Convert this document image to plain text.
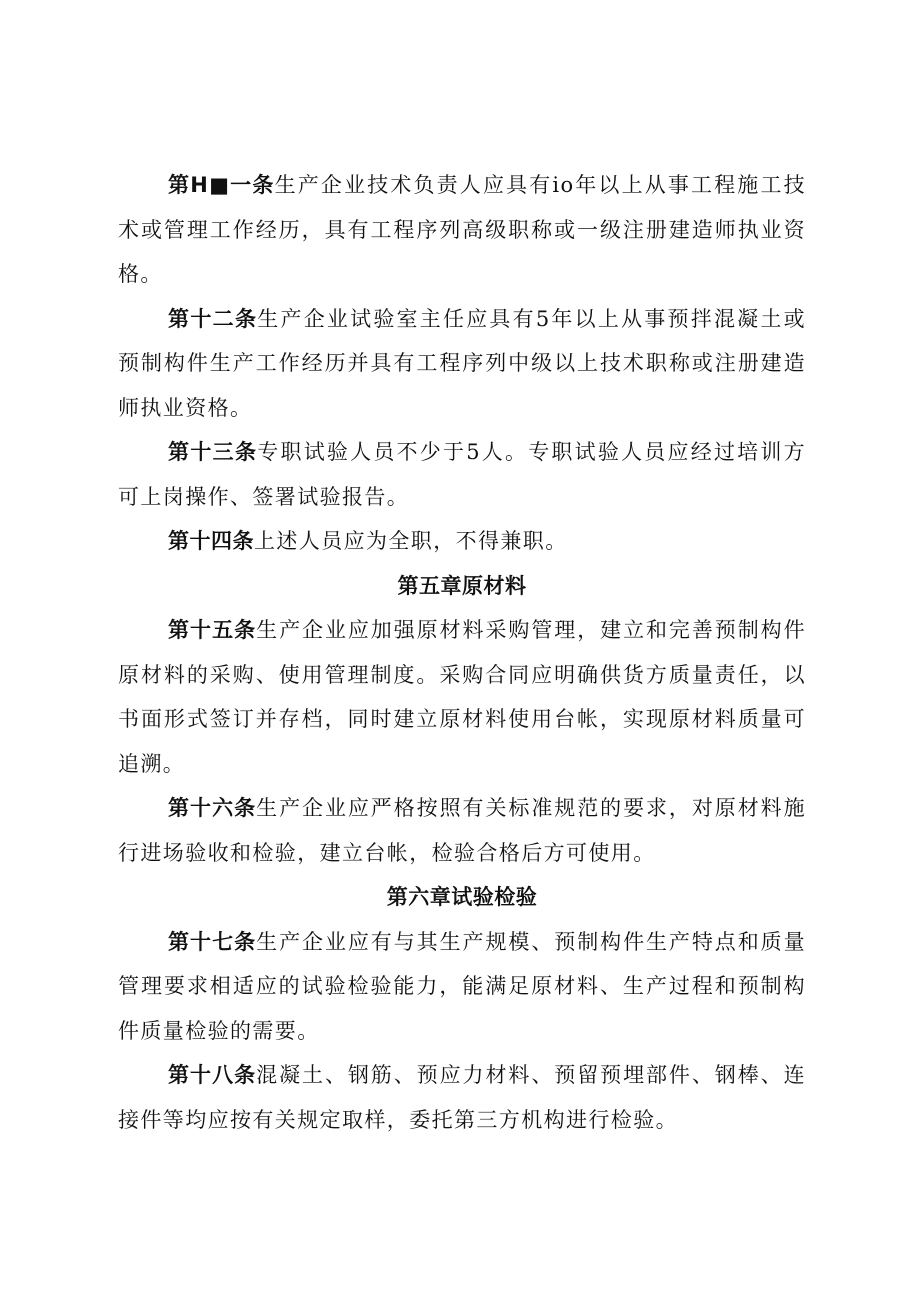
第H■一条生产企业技术负责人应具有io年以上从事工程施工技术或管理工作经历，具有工程序列高级职称或一级注册建造师执业资格。

第十二条生产企业试验室主任应具有5年以上从事预拌混凝土或预制构件生产工作经历并具有工程序列中级以上技术职称或注册建造师执业资格。

第十三条专职试验人员不少于5人。专职试验人员应经过培训方可上岗操作、签署试验报告。

第十四条上述人员应为全职，不得兼职。

第五章原材料

第十五条生产企业应加强原材料采购管理，建立和完善预制构件原材料的采购、使用管理制度。采购合同应明确供货方质量责任，以书面形式签订并存档，同时建立原材料使用台帐，实现原材料质量可追溯。

第十六条生产企业应严格按照有关标准规范的要求，对原材料施行进场验收和检验，建立台帐，检验合格后方可使用。

第六章试验检验

第十七条生产企业应有与其生产规模、预制构件生产特点和质量管理要求相适应的试验检验能力，能满足原材料、生产过程和预制构件质量检验的需要。

第十八条混凝土、钢筋、预应力材料、预留预埋部件、钢棒、连接件等均应按有关规定取样，委托第三方机构进行检验。
